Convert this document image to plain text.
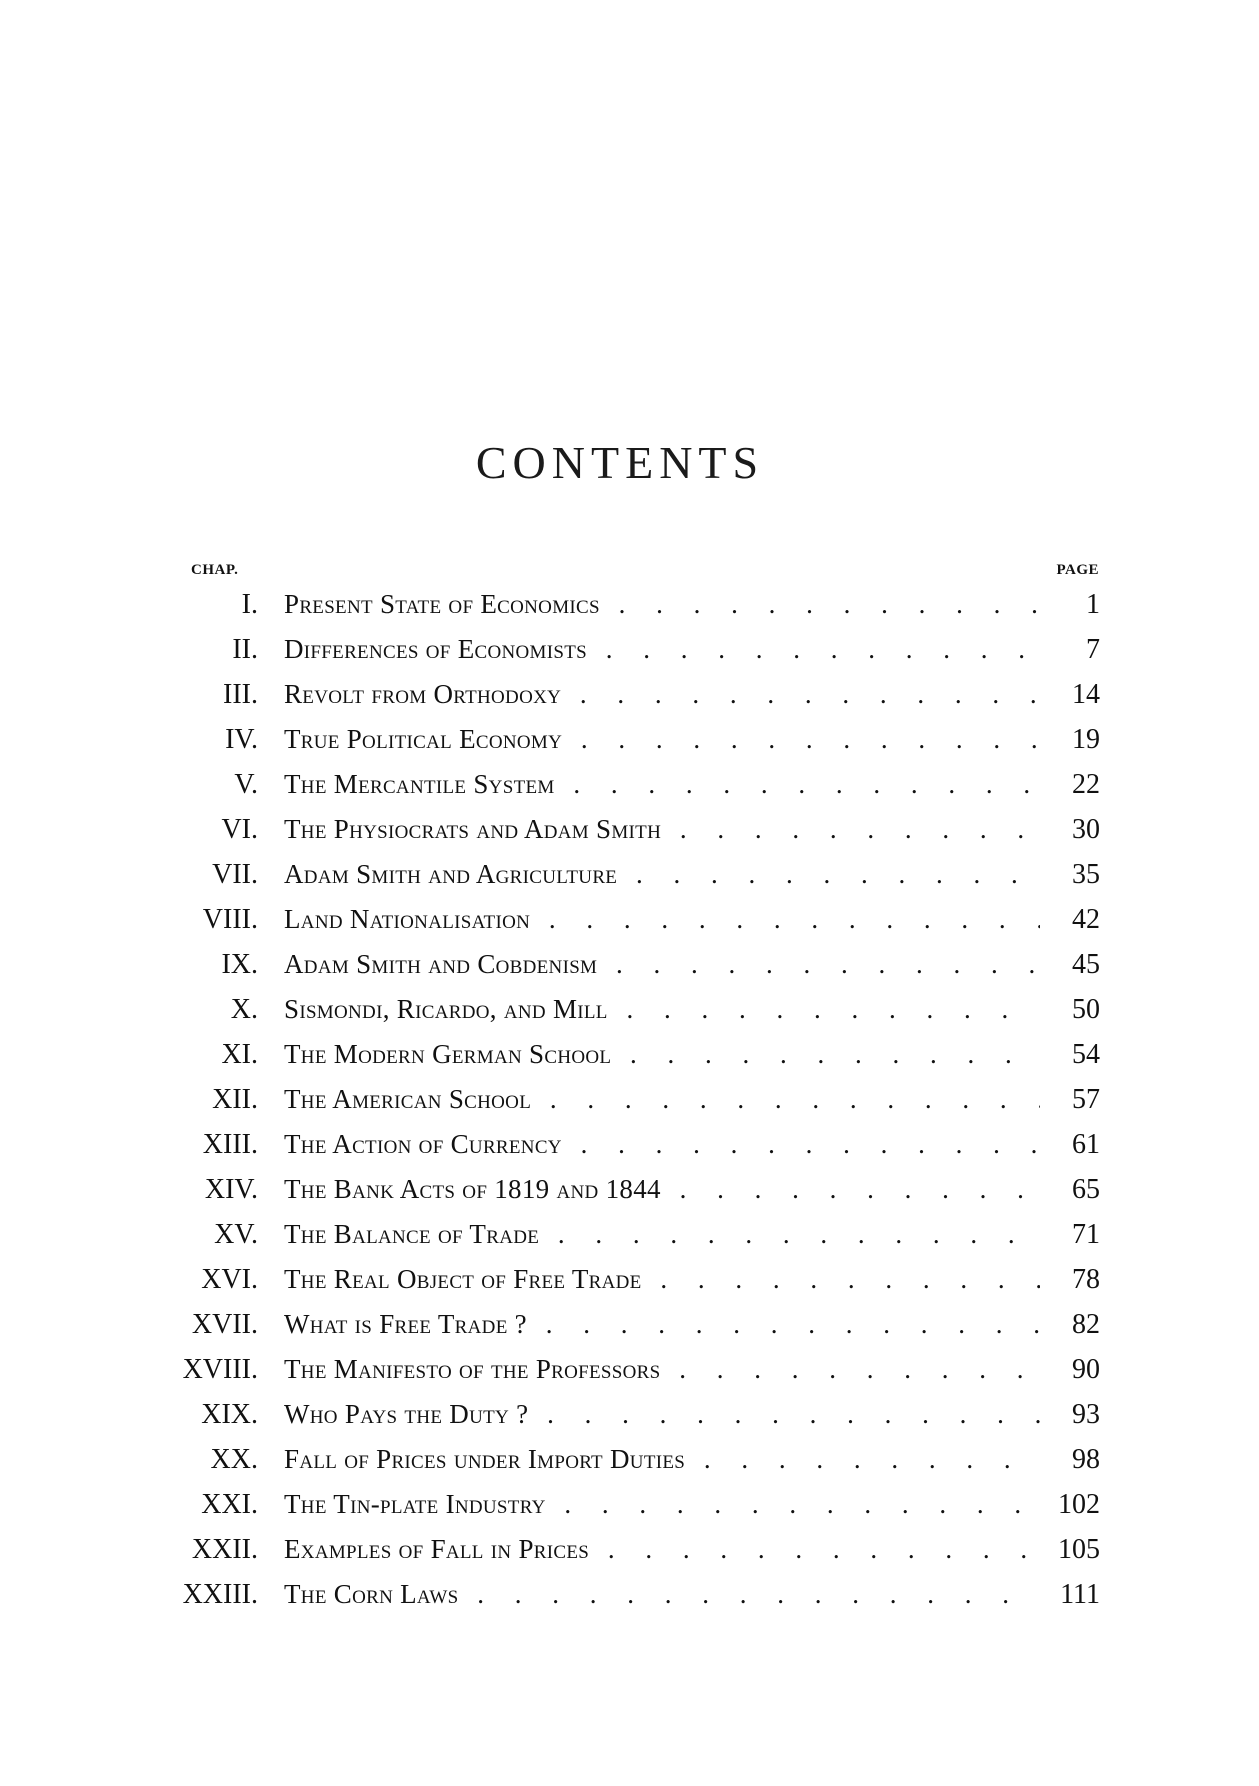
CONTENTS
CHAP.	PAGE
I. Present State of Economics . . .	1
II. Differences of Economists . . .	7
III. Revolt from Orthodoxy . . .	14
IV. True Political Economy . . .	19
V. The Mercantile System . . .	22
VI. The Physiocrats and Adam Smith . . .	30
VII. Adam Smith and Agriculture . . .	35
VIII. Land Nationalisation . . .	42
IX. Adam Smith and Cobdenism . . .	45
X. Sismondi, Ricardo, and Mill . . .	50
XI. The Modern German School . . .	54
XII. The American School . . .	57
XIII. The Action of Currency . . .	61
XIV. The Bank Acts of 1819 and 1844 . . .	65
XV. The Balance of Trade . . .	71
XVI. The Real Object of Free Trade . . .	78
XVII. What is Free Trade ? . . .	82
XVIII. The Manifesto of the Professors . . .	90
XIX. Who Pays the Duty ? . . .	93
XX. Fall of Prices under Import Duties . . .	98
XXI. The Tin-plate Industry . . .	102
XXII. Examples of Fall in Prices . . .	105
XXIII. The Corn Laws . . .	111
